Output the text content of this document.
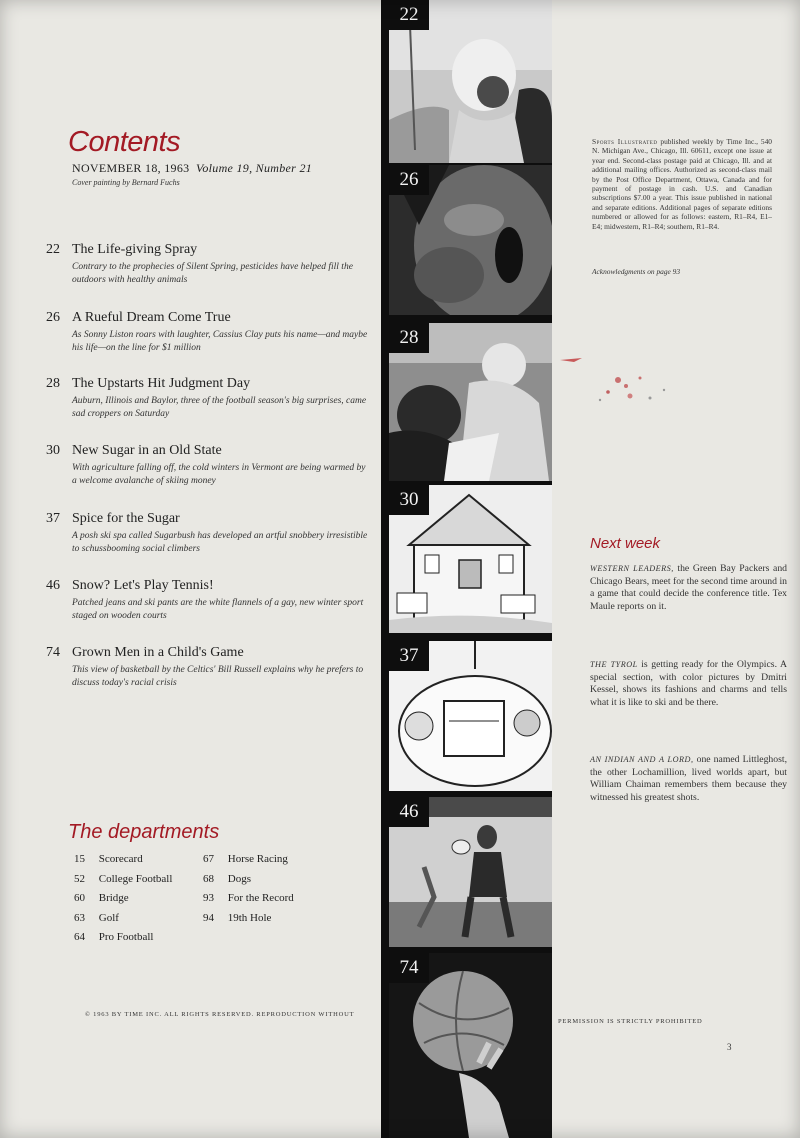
Contents
NOVEMBER 18, 1963 Volume 19, Number 21
Cover painting by Bernard Fuchs
22 The Life-giving Spray
Contrary to the prophecies of Silent Spring, pesticides have helped fill the outdoors with healthy animals
26 A Rueful Dream Come True
As Sonny Liston roars with laughter, Cassius Clay puts his name—and maybe his life—on the line for $1 million
28 The Upstarts Hit Judgment Day
Auburn, Illinois and Baylor, three of the football season's big surprises, came sad croppers on Saturday
30 New Sugar in an Old State
With agriculture falling off, the cold winters in Vermont are being warmed by a welcome avalanche of skiing money
37 Spice for the Sugar
A posh ski spa called Sugarbush has developed an artful snobbery irresistible to schussbooming social climbers
46 Snow? Let's Play Tennis!
Patched jeans and ski pants are the white flannels of a gay, new winter sport staged on wooden courts
74 Grown Men in a Child's Game
This view of basketball by the Celtics' Bill Russell explains why he prefers to discuss today's racial crisis
The departments
15 Scorecard
52 College Football
60 Bridge
63 Golf
64 Pro Football
67 Horse Racing
68 Dogs
93 For the Record
94 19th Hole
© 1963 BY TIME INC. ALL RIGHTS RESERVED. REPRODUCTION WITHOUT
PERMISSION IS STRICTLY PROHIBITED
3
22
26
28
30
37
46
74
Sports Illustrated published weekly by Time Inc., 540 N. Michigan Ave., Chicago, Ill. 60611, except one issue at year end. Second-class postage paid at Chicago, Ill. and at additional mailing offices. Authorized as second-class mail by the Post Office Department, Ottawa, Canada and for payment of postage in cash. U.S. and Canadian subscriptions $7.00 a year. This issue published in national and separate editions. Additional pages of separate editions numbered or allowed for as follows: eastern, R1–R4, E1–E4; midwestern, R1–R4; southern, R1–R4.
Acknowledgments on page 93
Next week
WESTERN LEADERS, the Green Bay Packers and Chicago Bears, meet for the second time around in a game that could decide the conference title. Tex Maule reports on it.
THE TYROL is getting ready for the Olympics. A special section, with color pictures by Dmitri Kessel, shows its fashions and charms and tells what it is like to ski and be there.
AN INDIAN AND A LORD, one named Littleghost, the other Lochamillion, lived worlds apart, but William Chaiman remembers them because they witnessed his greatest shots.
